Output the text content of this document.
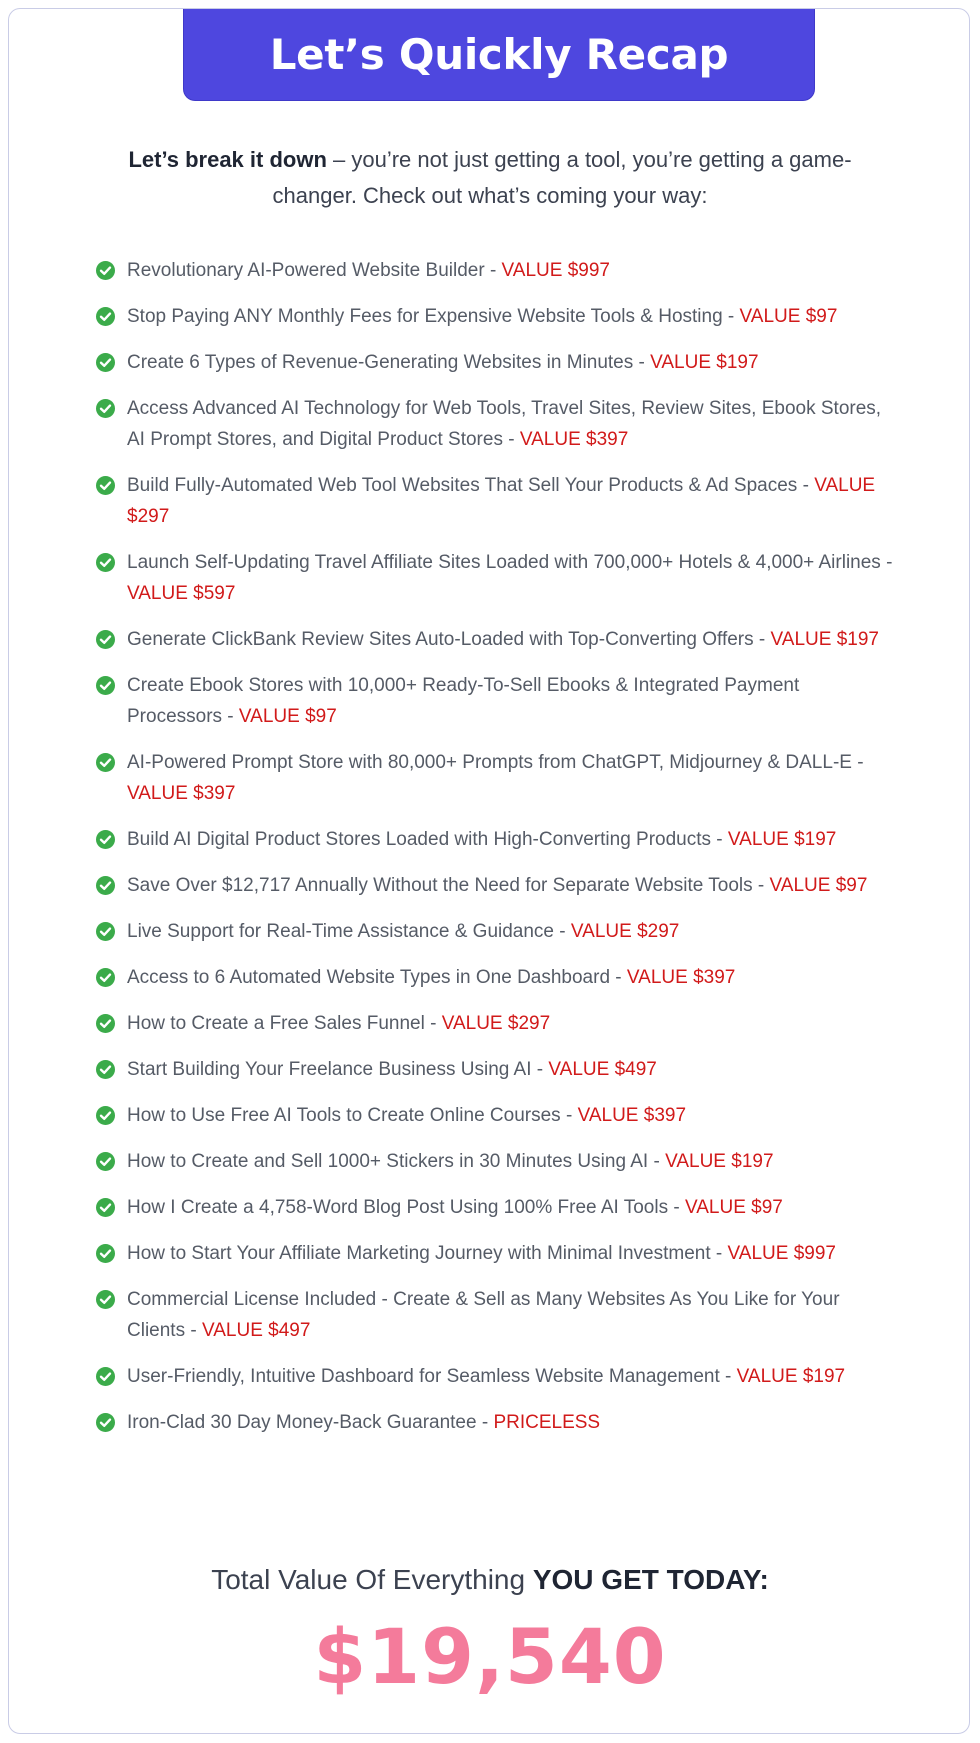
Let’s Quickly Recap
Let’s break it down – you’re not just getting a tool, you’re getting a game-changer. Check out what’s coming your way:
Revolutionary AI-Powered Website Builder - VALUE $997
Stop Paying ANY Monthly Fees for Expensive Website Tools & Hosting - VALUE $97
Create 6 Types of Revenue-Generating Websites in Minutes - VALUE $197
Access Advanced AI Technology for Web Tools, Travel Sites, Review Sites, Ebook Stores, AI Prompt Stores, and Digital Product Stores - VALUE $397
Build Fully-Automated Web Tool Websites That Sell Your Products & Ad Spaces - VALUE $297
Launch Self-Updating Travel Affiliate Sites Loaded with 700,000+ Hotels & 4,000+ Airlines - VALUE $597
Generate ClickBank Review Sites Auto-Loaded with Top-Converting Offers - VALUE $197
Create Ebook Stores with 10,000+ Ready-To-Sell Ebooks & Integrated Payment Processors - VALUE $97
AI-Powered Prompt Store with 80,000+ Prompts from ChatGPT, Midjourney & DALL-E - VALUE $397
Build AI Digital Product Stores Loaded with High-Converting Products - VALUE $197
Save Over $12,717 Annually Without the Need for Separate Website Tools - VALUE $97
Live Support for Real-Time Assistance & Guidance - VALUE $297
Access to 6 Automated Website Types in One Dashboard - VALUE $397
How to Create a Free Sales Funnel - VALUE $297
Start Building Your Freelance Business Using AI - VALUE $497
How to Use Free AI Tools to Create Online Courses - VALUE $397
How to Create and Sell 1000+ Stickers in 30 Minutes Using AI - VALUE $197
How I Create a 4,758-Word Blog Post Using 100% Free AI Tools - VALUE $97
How to Start Your Affiliate Marketing Journey with Minimal Investment - VALUE $997
Commercial License Included - Create & Sell as Many Websites As You Like for Your Clients - VALUE $497
User-Friendly, Intuitive Dashboard for Seamless Website Management - VALUE $197
Iron-Clad 30 Day Money-Back Guarantee - PRICELESS
Total Value Of Everything YOU GET TODAY:
$19,540
